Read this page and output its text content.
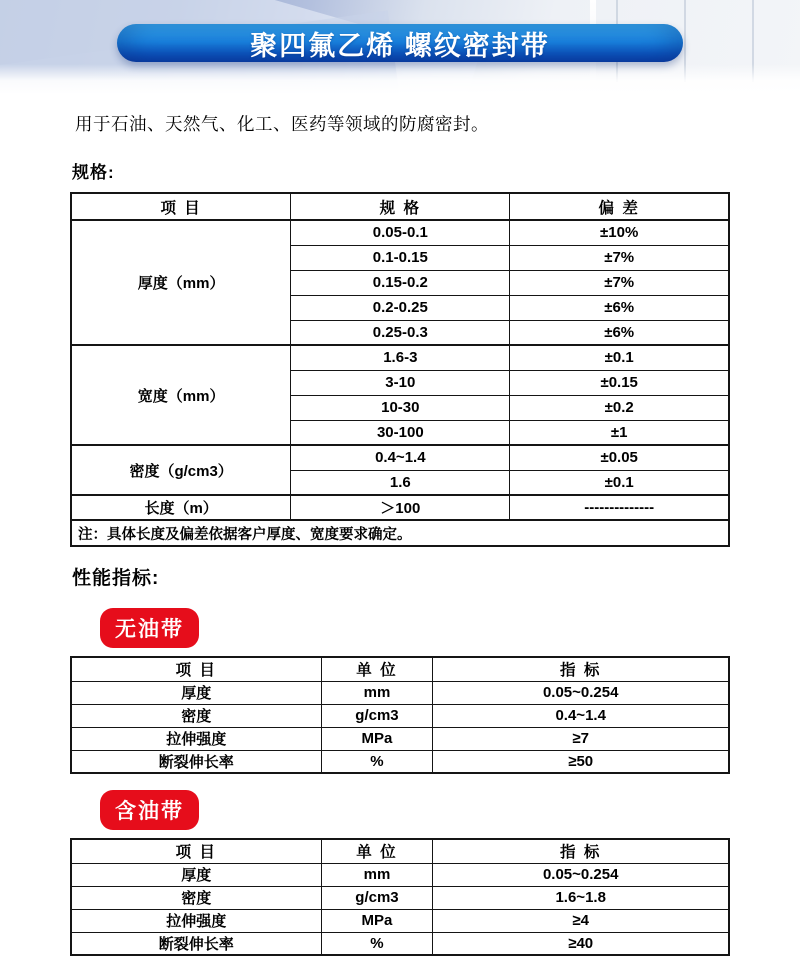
聚四氟乙烯 螺纹密封带

用于石油、天然气、化工、医药等领域的防腐密封。

规格:
项 目	规 格	偏 差
厚度（mm）	0.05-0.1	±10%
	0.1-0.15	±7%
	0.15-0.2	±7%
	0.2-0.25	±6%
	0.25-0.3	±6%
宽度（mm）	1.6-3	±0.1
	3-10	±0.15
	10-30	±0.2
	30-100	±1
密度（g/cm3）	0.4~1.4	±0.05
	1.6	±0.1
长度（m）	＞100	--------------
注：具体长度及偏差依据客户厚度、宽度要求确定。		
性能指标:
无油带
项 目	单 位	指 标
厚度	mm	0.05~0.254
密度	g/cm3	0.4~1.4
拉伸强度	MPa	≥7
断裂伸长率	%	≥50
含油带
项 目	单 位	指 标
厚度	mm	0.05~0.254
密度	g/cm3	1.6~1.8
拉伸强度	MPa	≥4
断裂伸长率	%	≥40
